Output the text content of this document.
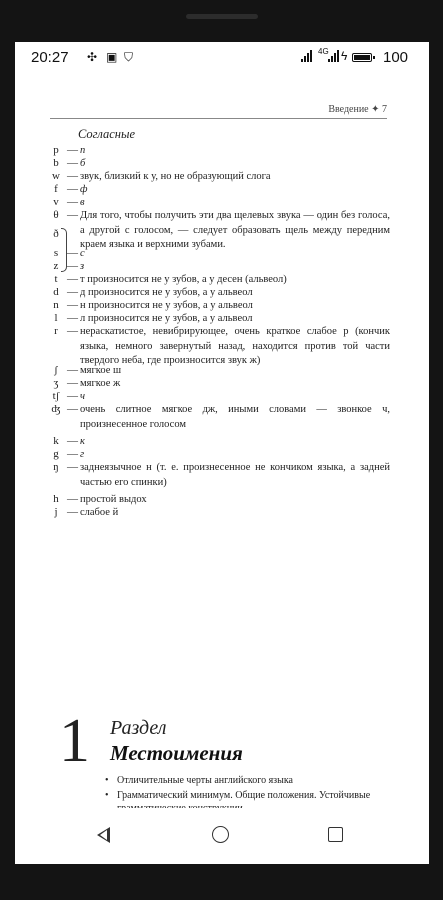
20:27 ✣ ▣ ⛉	4G ϟ 100
Введение ✦ 7
Согласные
p — п
b — б
w — звук, близкий к у, но не образующий слога
f — ф
v — в
θ — Для того, чтобы получить эти два щелевых звука — один без голоса, а другой с голосом, — следует образовать щель между передним краем языка и верхними зубами.
ð
s — с
z — з
t — т произносится не у зубов, а у десен (альвеол)
d — д произносится не у зубов, а у альвеол
n — н произносится не у зубов, а у альвеол
l — л произносится не у зубов, а у альвеол
r — нераскатистое, невибрирующее, очень краткое слабое р (кончик языка, немного завернутый назад, находится против той части твердого неба, где произносится звук ж)
ʃ — мягкое ш
ʒ — мягкое ж
tʃ — ч
ʤ — очень слитное мягкое дж, иными словами — звонкое ч, произнесенное голосом
k — к
g — г
ŋ — заднеязычное н (т. е. произнесенное не кончиком языка, а задней частью его спинки)
h — простой выдох
j — слабое й
1 Раздел
Местоимения
• Отличительные черты английского языка
• Грамматический минимум. Общие положения. Устойчивые
